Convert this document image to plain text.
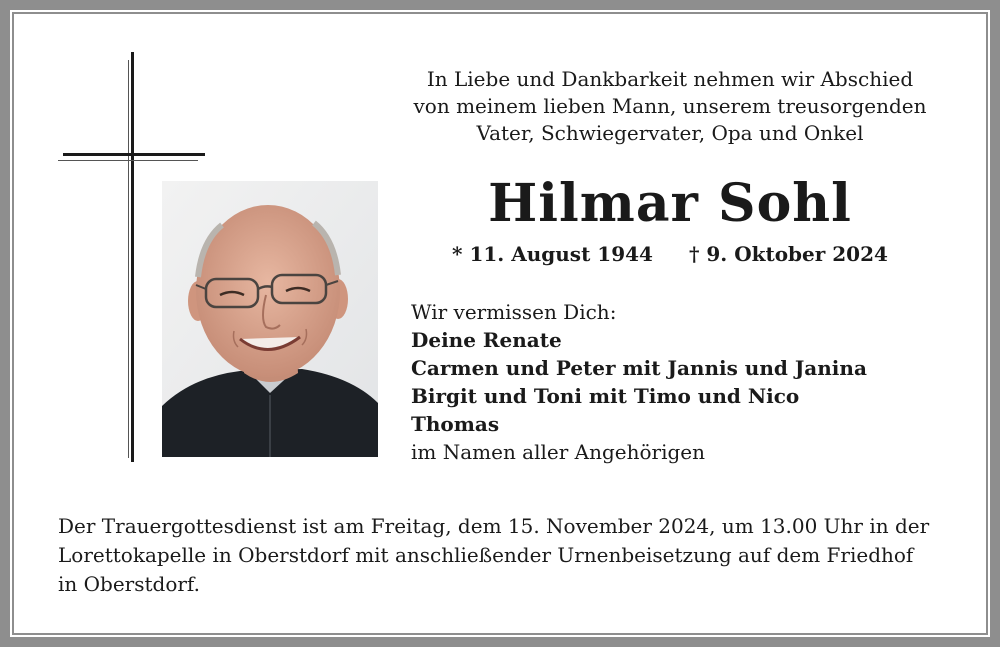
In Liebe und Dankbarkeit nehmen wir Abschied
von meinem lieben Mann, unserem treusorgenden
Vater, Schwiegervater, Opa und Onkel
Hilmar Sohl
* 11. August 1944 † 9. Oktober 2024
Wir vermissen Dich:
Deine Renate
Carmen und Peter mit Jannis und Janina
Birgit und Toni mit Timo und Nico
Thomas
im Namen aller Angehörigen
Der Trauergottesdienst ist am Freitag, dem 15. November 2024, um 13.00 Uhr in der
Lorettokapelle in Oberstdorf mit anschließender Urnenbeisetzung auf dem Friedhof
in Oberstdorf.
